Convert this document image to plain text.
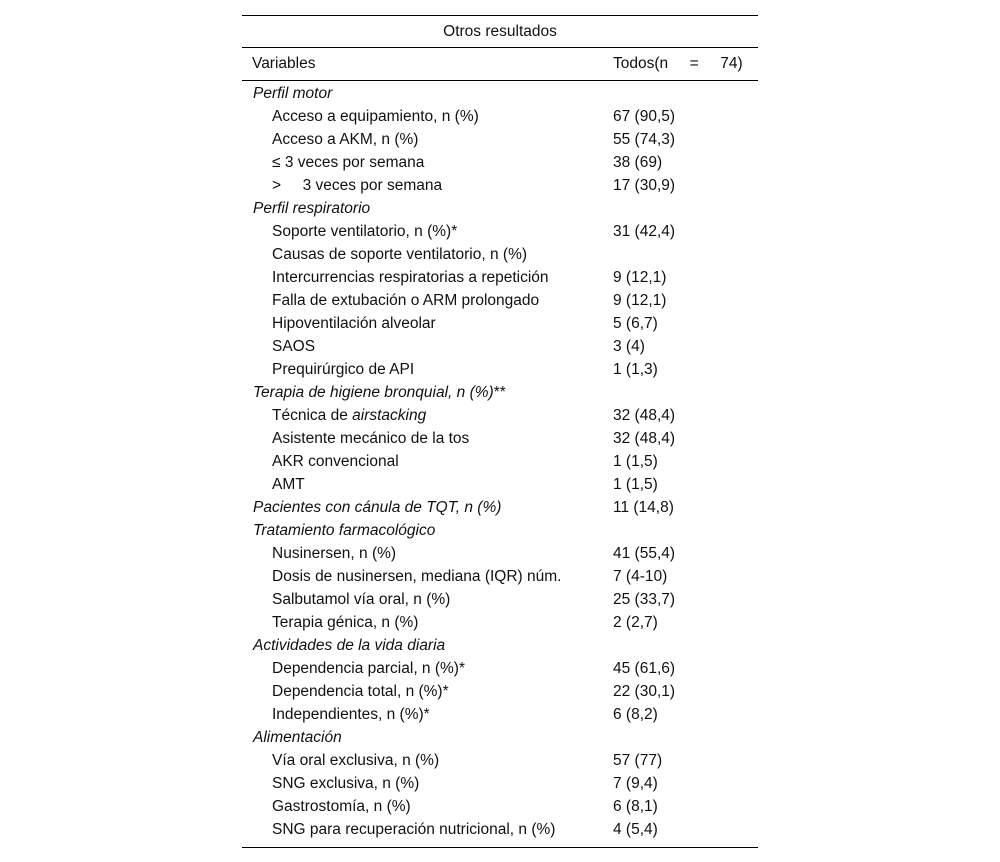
Otros resultados
Variables	Todos(n     =     74)
Perfil motor
Acceso a equipamiento, n (%)	67 (90,5)
Acceso a AKM, n (%)	55 (74,3)
≤ 3 veces por semana	38 (69)
>     3 veces por semana	17 (30,9)
Perfil respiratorio
Soporte ventilatorio, n (%)*	31 (42,4)
Causas de soporte ventilatorio, n (%)
Intercurrencias respiratorias a repetición	9 (12,1)
Falla de extubación o ARM prolongado	9 (12,1)
Hipoventilación alveolar	5 (6,7)
SAOS	3 (4)
Prequirúrgico de API	1 (1,3)
Terapia de higiene bronquial, n (%)**
Técnica de airstacking	32 (48,4)
Asistente mecánico de la tos	32 (48,4)
AKR convencional	1 (1,5)
AMT	1 (1,5)
Pacientes con cánula de TQT, n (%)	11 (14,8)
Tratamiento farmacológico
Nusinersen, n (%)	41 (55,4)
Dosis de nusinersen, mediana (IQR) núm.	7 (4-10)
Salbutamol vía oral, n (%)	25 (33,7)
Terapia génica, n (%)	2 (2,7)
Actividades de la vida diaria
Dependencia parcial, n (%)*	45 (61,6)
Dependencia total, n (%)*	22 (30,1)
Independientes, n (%)*	6 (8,2)
Alimentación
Vía oral exclusiva, n (%)	57 (77)
SNG exclusiva, n (%)	7 (9,4)
Gastrostomía, n (%)	6 (8,1)
SNG para recuperación nutricional, n (%)	4 (5,4)
